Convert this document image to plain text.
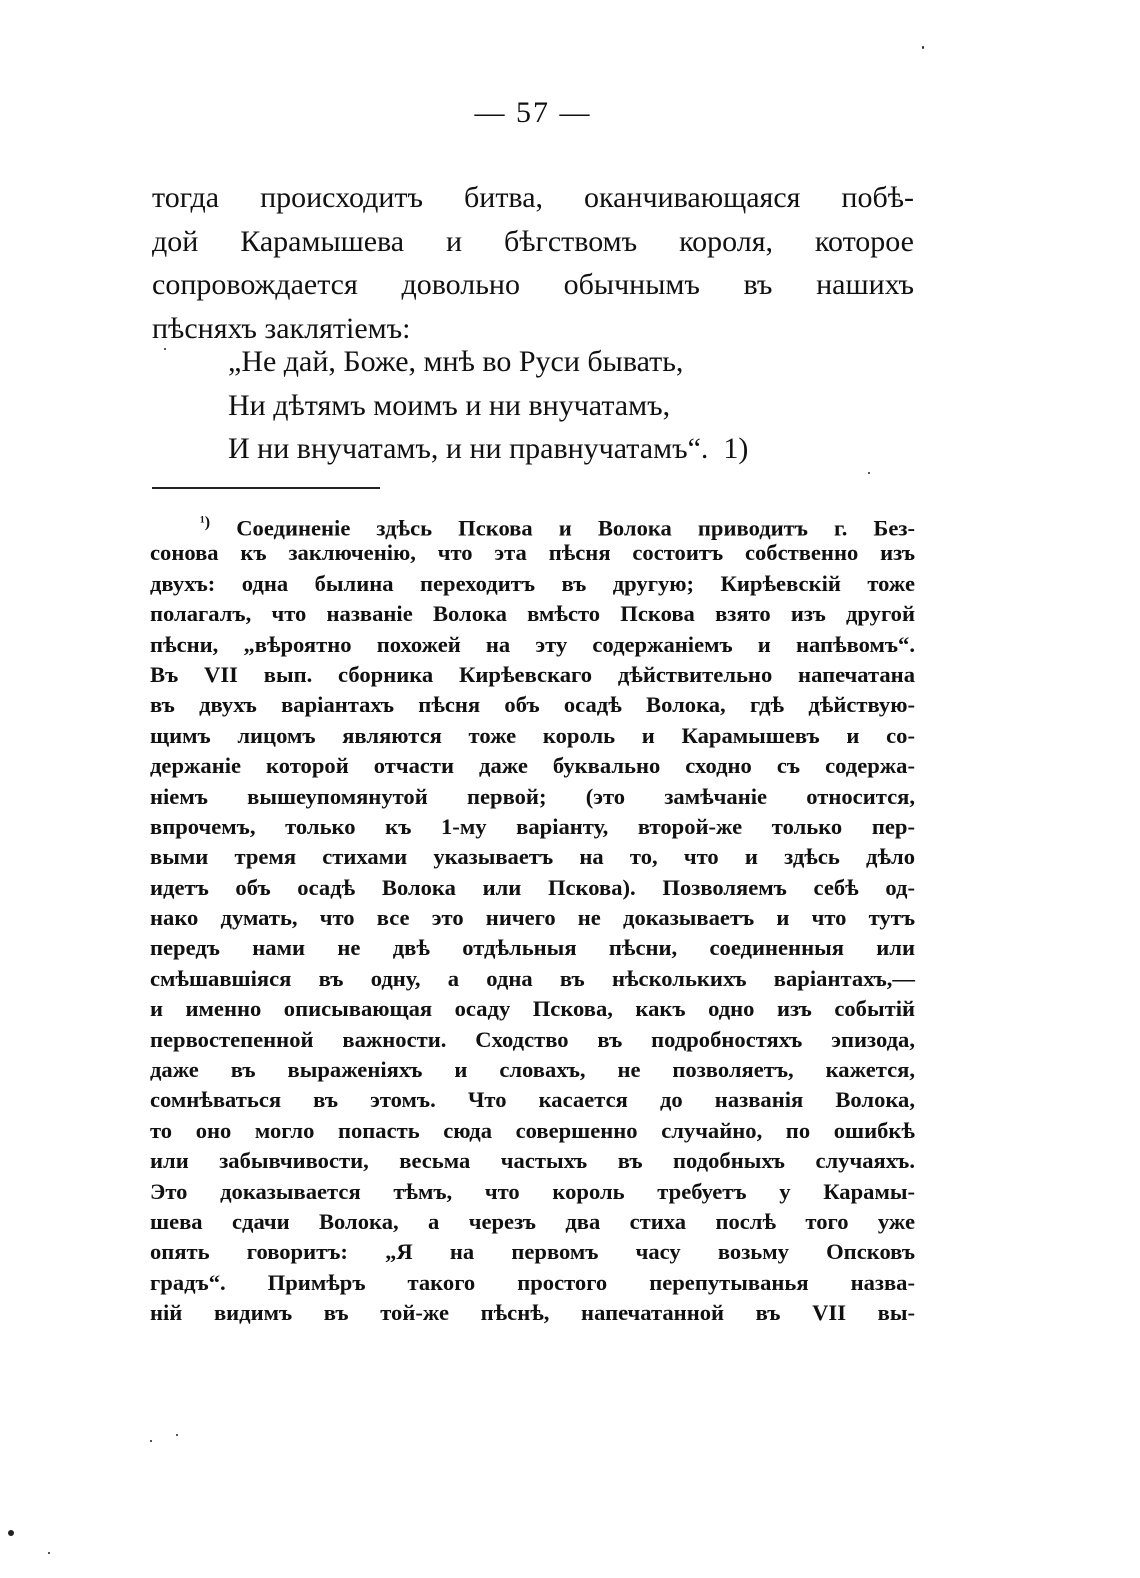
— 57 —
тогда происходитъ битва, оканчивающаяся побѣ-
дой Карамышева и бѣгствомъ короля, которое
сопровождается довольно обычнымъ въ нашихъ
пѣсняхъ заклятіемъ:
„Не дай, Боже, мнѣ во Руси бывать,
Ни дѣтямъ моимъ и ни внучатамъ,
И ни внучатамъ, и ни правнучатамъ“. 1)
$^{^1)}$ Соединеніе здѣсь Пскова и Волока приводитъ г. Без-
сонова къ заключенію, что эта пѣсня состоитъ собственно изъ
двухъ: одна былина переходитъ въ другую; Кирѣевскій тоже
полагалъ, что названіе Волока вмѣсто Пскова взято изъ другой
пѣсни, „вѣроятно похожей на эту содержаніемъ и напѣвомъ“.
Въ VII вып. сборника Кирѣевскаго дѣйствительно напечатана
въ двухъ варіантахъ пѣсня объ осадѣ Волока, гдѣ дѣйствую-
щимъ лицомъ являются тоже король и Карамышевъ и со-
держаніе которой отчасти даже буквально сходно съ содержа-
ніемъ вышеупомянутой первой; (это замѣчаніе относится,
впрочемъ, только къ 1-му варіанту, второй-же только пер-
выми тремя стихами указываетъ на то, что и здѣсь дѣло
идетъ объ осадѣ Волока или Пскова). Позволяемъ себѣ од-
нако думать, что все это ничего не доказываетъ и что тутъ
передъ нами не двѣ отдѣльныя пѣсни, соединенныя или
смѣшавшіяся въ одну, а одна въ нѣсколькихъ варіантахъ,—
и именно описывающая осаду Пскова, какъ одно изъ событій
первостепенной важности. Сходство въ подробностяхъ эпизода,
даже въ выраженіяхъ и словахъ, не позволяетъ, кажется,
сомнѣваться въ этомъ. Что касается до названія Волока,
то оно могло попасть сюда совершенно случайно, по ошибкѣ
или забывчивости, весьма частыхъ въ подобныхъ случаяхъ.
Это доказывается тѣмъ, что король требуетъ у Карамы-
шева сдачи Волока, а черезъ два стиха послѣ того уже
опять говоритъ: „Я на первомъ часу возьму Опсковъ
градъ“. Примѣръ такого простого перепутыванья назва-
ній видимъ въ той-же пѣснѣ, напечатанной въ VII вы-
